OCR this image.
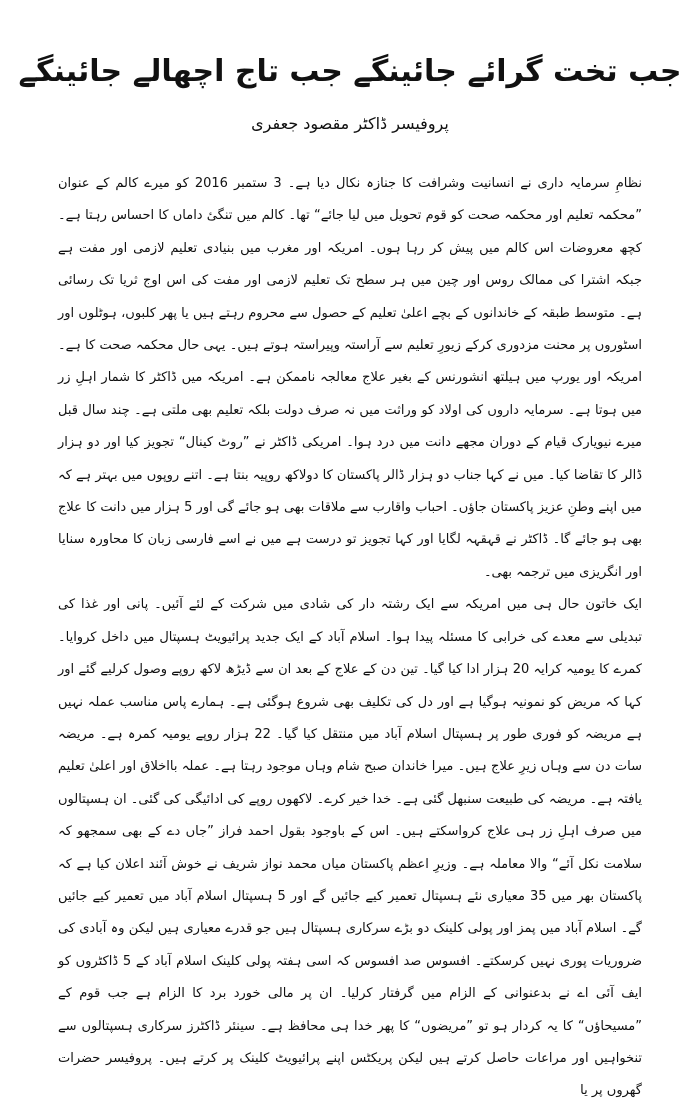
جب تخت گرائے جائینگے جب تاج اچھالے جائینگے
پروفیسر ڈاکٹر مقصود جعفری

نظامِ سرمایہ داری نے انسانیت وشرافت کا جنازہ نکال دیا ہے۔ 3 ستمبر 2016 کو میرے کالم کے عنوان ”محکمہ تعلیم اور محکمہ صحت کو قوم تحویل میں لیا جائے“ تھا۔ کالم میں تنگیٔ داماں کا احساس رہتا ہے۔ کچھ معروضات اس کالم میں پیش کر رہا ہوں۔ امریکہ اور مغرب میں بنیادی تعلیم لازمی اور مفت ہے جبکہ اشترا کی ممالک روس اور چین میں ہر سطح تک تعلیم لازمی اور مفت کی اس اوج ثریا تک رسائی ہے۔ متوسط طبقہ کے خاندانوں کے بچے اعلیٰ تعلیم کے حصول سے محروم رہتے ہیں یا پھر کلبوں، ہوٹلوں اور اسٹوروں پر محنت مزدوری کرکے زیورِ تعلیم سے آراستہ وپیراستہ ہوتے ہیں۔ یہی حال محکمہ صحت کا ہے۔ امریکہ اور یورپ میں ہیلتھ انشورنس کے بغیر علاج معالجہ ناممکن ہے۔ امریکہ میں ڈاکٹر کا شمار اہلِ زر میں ہوتا ہے۔ سرمایہ داروں کی اولاد کو وراثت میں نہ صرف دولت بلکہ تعلیم بھی ملتی ہے۔ چند سال قبل میرے نیویارک قیام کے دوران مجھے دانت میں درد ہوا۔ امریکی ڈاکٹر نے ”روٹ کینال“ تجویز کیا اور دو ہزار ڈالر کا تقاضا کیا۔ میں نے کہا جناب دو ہزار ڈالر پاکستان کا دولاکھ روپیہ بنتا ہے۔ اتنے روپوں میں بہتر ہے کہ میں اپنے وطنِ عزیز پاکستان جاؤں۔ احباب واقارب سے ملاقات بھی ہو جائے گی اور 5 ہزار میں دانت کا علاج بھی ہو جائے گا۔ ڈاکٹر نے قہقہہ لگایا اور کہا تجویز تو درست ہے میں نے اسے فارسی زبان کا محاورہ سنایا اور انگریزی میں ترجمہ بھی۔

ایک خاتون حال ہی میں امریکہ سے ایک رشتہ دار کی شادی میں شرکت کے لئے آئیں۔ پانی اور غذا کی تبدیلی سے معدے کی خرابی کا مسئلہ پیدا ہوا۔ اسلام آباد کے ایک جدید پرائیویٹ ہسپتال میں داخل کروایا۔ کمرے کا یومیہ کرایہ 20 ہزار ادا کیا گیا۔ تین دن کے علاج کے بعد ان سے ڈیڑھ لاکھ روپے وصول کرلیے گئے اور کہا کہ مریض کو نمونیہ ہوگیا ہے اور دل کی تکلیف بھی شروع ہوگئی ہے۔ ہمارے پاس مناسب عملہ نہیں ہے مریضہ کو فوری طور پر ہسپتال اسلام آباد میں منتقل کیا گیا۔ 22 ہزار روپے یومیہ کمرہ ہے۔ مریضہ سات دن سے وہاں زیرِ علاج ہیں۔ میرا خاندان صبح شام وہاں موجود رہتا ہے۔ عملہ بااخلاق اور اعلیٰ تعلیم یافتہ ہے۔ مریضہ کی طبیعت سنبھل گئی ہے۔ خدا خیر کرے۔ لاکھوں روپے کی ادائیگی کی گئی۔ ان ہسپتالوں میں صرف اہلِ زر ہی علاج کرواسکتے ہیں۔ اس کے باوجود بقول احمد فراز ”جاں دے کے بھی سمجھو کہ سلامت نکل آئے“ والا معاملہ ہے۔ وزیرِ اعظم پاکستان میاں محمد نواز شریف نے خوش آئند اعلان کیا ہے کہ پاکستان بھر میں 35 معیاری نئے ہسپتال تعمیر کیے جائیں گے اور 5 ہسپتال اسلام آباد میں تعمیر کیے جائیں گے۔ اسلام آباد میں پمز اور پولی کلینک دو بڑے سرکاری ہسپتال ہیں جو قدرے معیاری ہیں لیکن وہ آبادی کی ضروریات پوری نہیں کرسکتے۔ افسوس صد افسوس کہ اسی ہفتہ پولی کلینک اسلام آباد کے 5 ڈاکٹروں کو ایف آئی اے نے بدعنوانی کے الزام میں گرفتار کرلیا۔ ان پر مالی خورد برد کا الزام ہے جب قوم کے ”مسیحاؤں“ کا یہ کردار ہو تو ”مریضوں“ کا پھر خدا ہی محافظ ہے۔ سینئر ڈاکٹرز سرکاری ہسپتالوں سے تنخواہیں اور مراعات حاصل کرتے ہیں لیکن پریکٹس اپنے پرائیویٹ کلینک پر کرتے ہیں۔ پروفیسر حضرات گھروں پر یا
